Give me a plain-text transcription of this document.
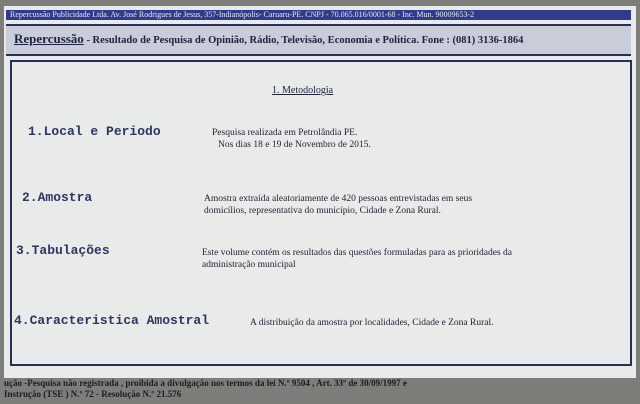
Repercussão Publicidade Ltda. Av. José Rodrigues de Jesus, 357-Indianópolis- Caruaru-PE. CNPJ - 70.065.016/0001-68 - Inc. Mun. 90009653-2
Repercussão - Resultado de Pesquisa de Opinião, Rádio, Televisão, Economia e Política. Fone : (081) 3136-1864
1. Metodologia
1.Local e Periodo	Pesquisa realizada em Petrolândia PE.
Nos dias 18 e 19 de Novembro de 2015.
2.Amostra	Amostra extraída aleatoriamente de 420 pessoas entrevistadas em seus
domicílios, representativa do município, Cidade e Zona Rural.
3.Tabulações	Este volume contém os resultados das questões formuladas para as prioridades da
administração municipal
4.Caracteristica Amostral	A distribuição da amostra por localidades, Cidade e Zona Rural.
ução -Pesquisa não registrada , proibida a divulgação nos termos da lei N.º 9504 , Art. 33º de 30/09/1997 e
Instrução (TSE ) N.º 72 - Resolução N.º 21.576
